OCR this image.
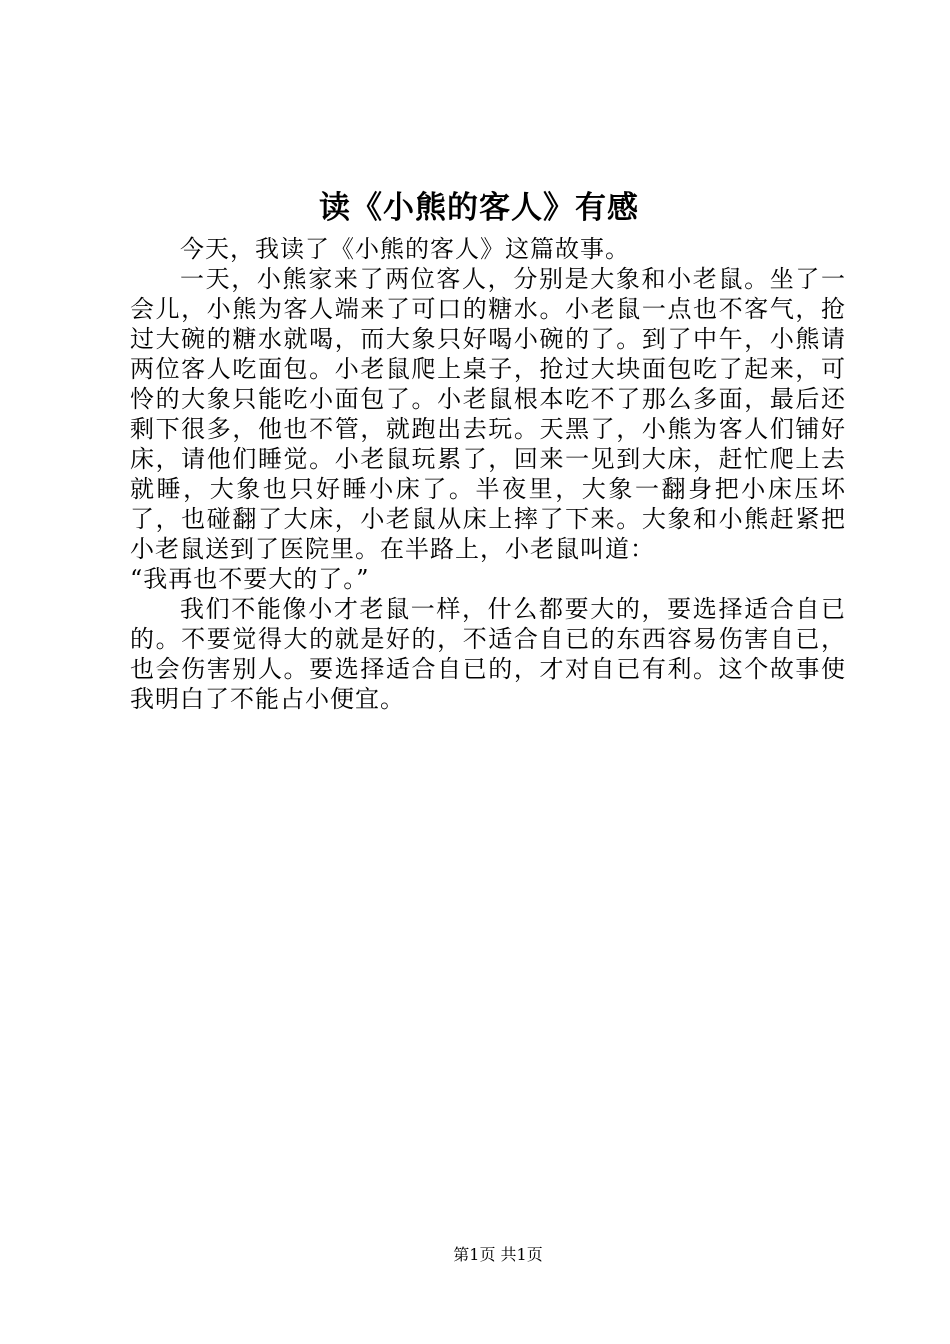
读《小熊的客人》有感

今天，我读了《小熊的客人》这篇故事。

一天，小熊家来了两位客人，分别是大象和小老鼠。坐了一会儿，小熊为客人端来了可口的糖水。小老鼠一点也不客气，抢过大碗的糖水就喝，而大象只好喝小碗的了。到了中午，小熊请两位客人吃面包。小老鼠爬上桌子，抢过大块面包吃了起来，可怜的大象只能吃小面包了。小老鼠根本吃不了那么多面，最后还剩下很多，他也不管，就跑出去玩。天黑了，小熊为客人们铺好床，请他们睡觉。小老鼠玩累了，回来一见到大床，赶忙爬上去就睡，大象也只好睡小床了。半夜里，大象一翻身把小床压坏了，也碰翻了大床，小老鼠从床上摔了下来。大象和小熊赶紧把小老鼠送到了医院里。在半路上，小老鼠叫道：

“我再也不要大的了。”

我们不能像小才老鼠一样，什么都要大的，要选择适合自已的。不要觉得大的就是好的，不适合自已的东西容易伤害自已，也会伤害别人。要选择适合自已的，才对自已有利。这个故事使我明白了不能占小便宜。

第1页 共1页
